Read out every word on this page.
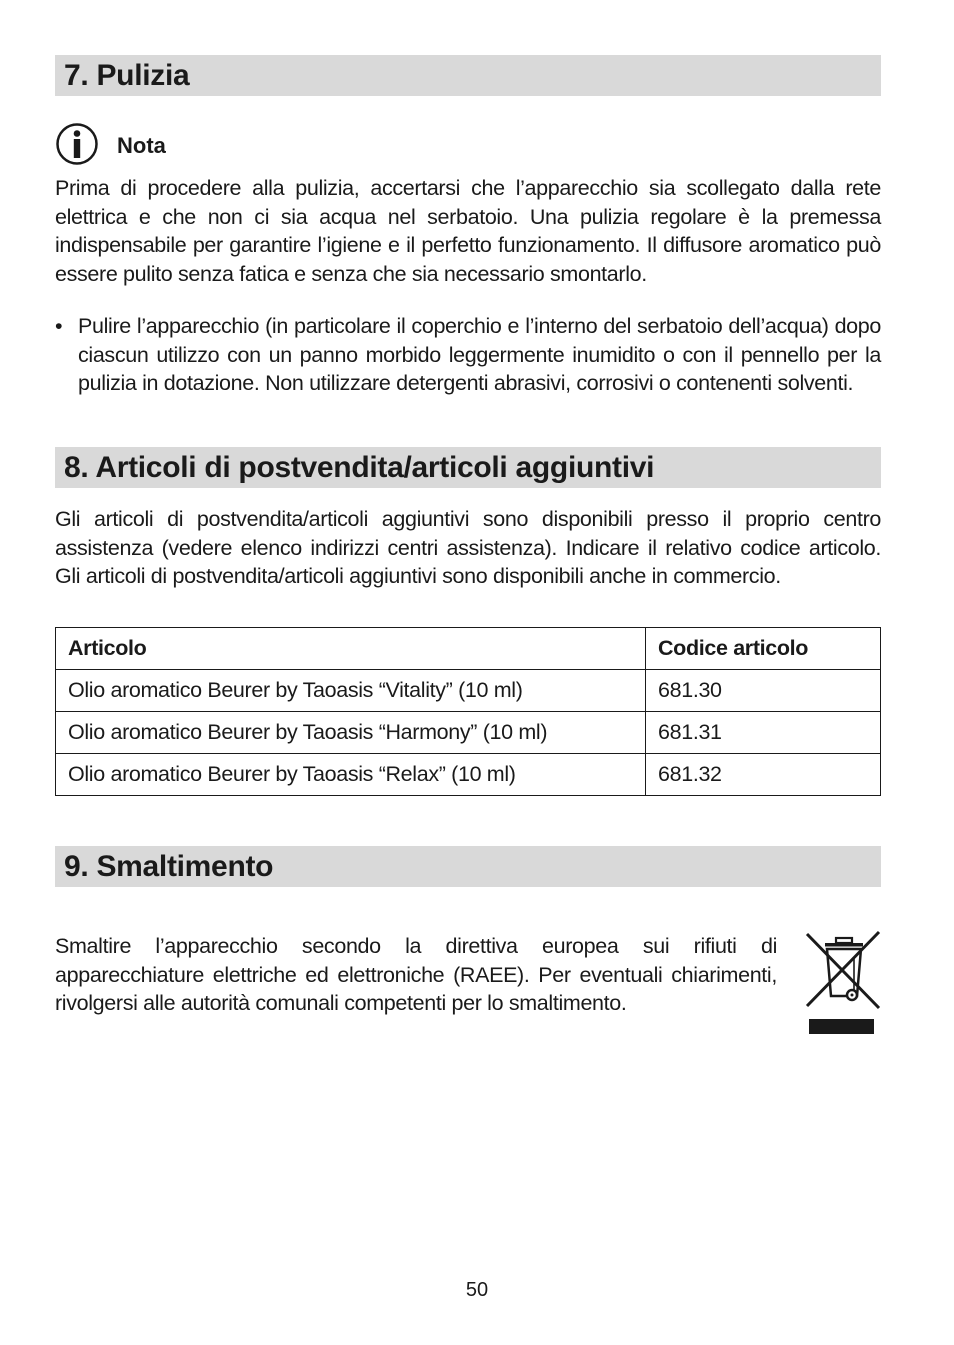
7. Pulizia
Nota

Prima di procedere alla pulizia, accertarsi che l’apparecchio sia scollegato dalla rete elettrica e che non ci sia acqua nel serbatoio. Una pulizia regolare è la premessa indispensabile per garantire l’igiene e il perfetto funzionamento. Il diffusore aromatico può essere pulito senza fatica e senza che sia necessario smontarlo.

• Pulire l’apparecchio (in particolare il coperchio e l’interno del serbatoio dell’acqua) dopo ciascun utilizzo con un panno morbido leggermente inumidito o con il pennello per la pulizia in dotazione. Non utilizzare detergenti abrasivi, corrosivi o contenenti solventi.

8. Articoli di postvendita/articoli aggiuntivi

Gli articoli di postvendita/articoli aggiuntivi sono disponibili presso il proprio centro assistenza (vedere elenco indirizzi centri assistenza). Indicare il relativo codice articolo. Gli articoli di postvendita/articoli aggiuntivi sono disponibili anche in commercio.

Articolo	Codice articolo
Olio aromatico Beurer by Taoasis “Vitality” (10 ml)	681.30
Olio aromatico Beurer by Taoasis “Harmony” (10 ml)	681.31
Olio aromatico Beurer by Taoasis “Relax” (10 ml)	681.32
9. Smaltimento

Smaltire l’apparecchio secondo la direttiva europea sui rifiuti di apparecchiature elettriche ed elettroniche (RAEE). Per eventuali chiarimenti, rivolgersi alle autorità comunali competenti per lo smaltimento.

50
